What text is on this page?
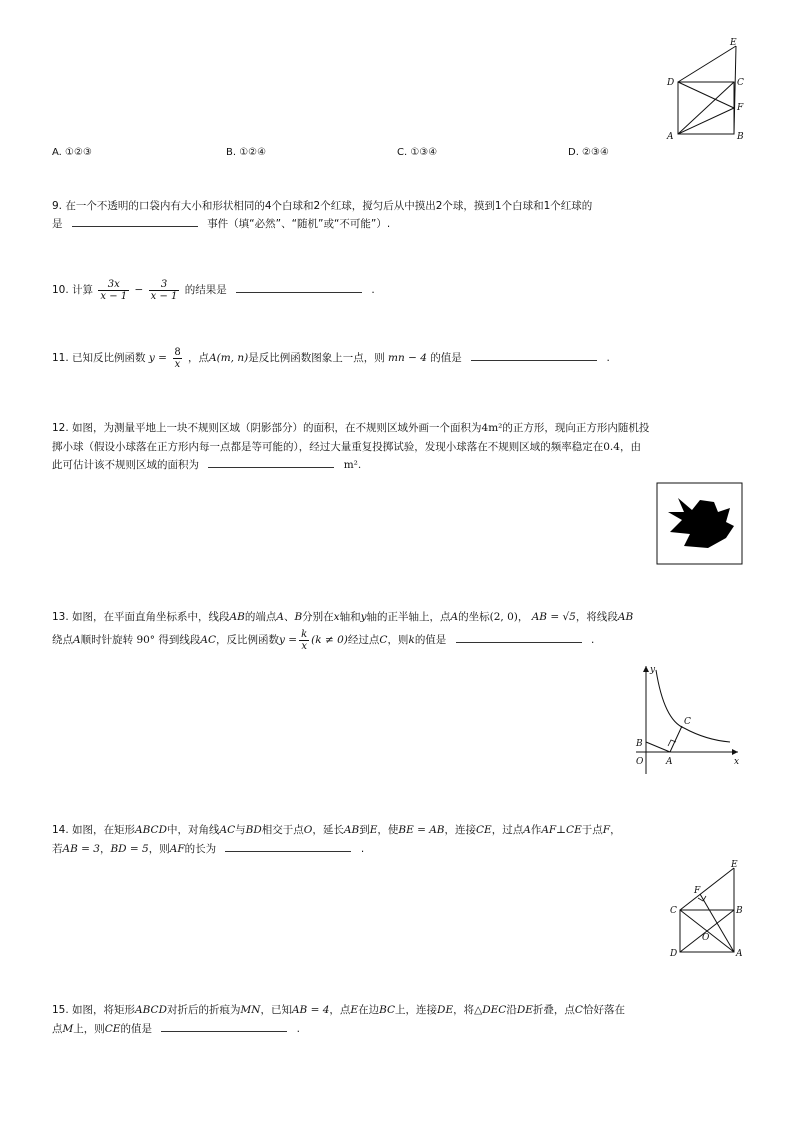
E
D	C
F
A	B
A. ①②③	B. ①②④	C. ①③④	D. ②③④
9. 在一个不透明的口袋内有大小和形状相同的4个白球和2个红球，搅匀后从中摸出2个球，摸到1个白球和1个红球的
是	事件（填“必然”、“随机”或“不可能”）.
10. 计算 $\frac{3x}{x - 1} - \frac{3}{x - 1}$ 的结果是	.
11. 已知反比例函数 $y = \frac{8}{x}$ ，点A(m, n)是反比例函数图象上一点，则 mn − 4 的值是	.
12. 如图，为测量平地上一块不规则区域（阴影部分）的面积，在不规则区域外画一个面积为4m²的正方形，现向正方形内随机投
掷小球（假设小球落在正方形内每一点都是等可能的），经过大量重复投掷试验，发现小球落在不规则区域的频率稳定在0.4，由
此可估计该不规则区域的面积为	m².
13. 如图，在平面直角坐标系中，线段AB的端点A、B分别在x轴和y轴的正半轴上，点A的坐标(2, 0)， AB = √5，将线段AB
绕点A顺时针旋转 90° 得到线段AC，反比例函数$y = \frac{k}{x} (k \ne 0)$经过点C，则k的值是	.
y
x
O	A
B
C
14. 如图，在矩形ABCD中，对角线AC与BD相交于点O，延长AB到E，使BE = AB，连接CE，过点A作AF⊥CE于点F，
若AB = 3，BD = 5，则AF的长为	.
E
F
C	B
O
D	A
15. 如图，将矩形ABCD对折后的折痕为MN，已知AB = 4，点E在边BC上，连接DE，将△DEC沿DE折叠，点C恰好落在
点M上，则CE的值是	.
